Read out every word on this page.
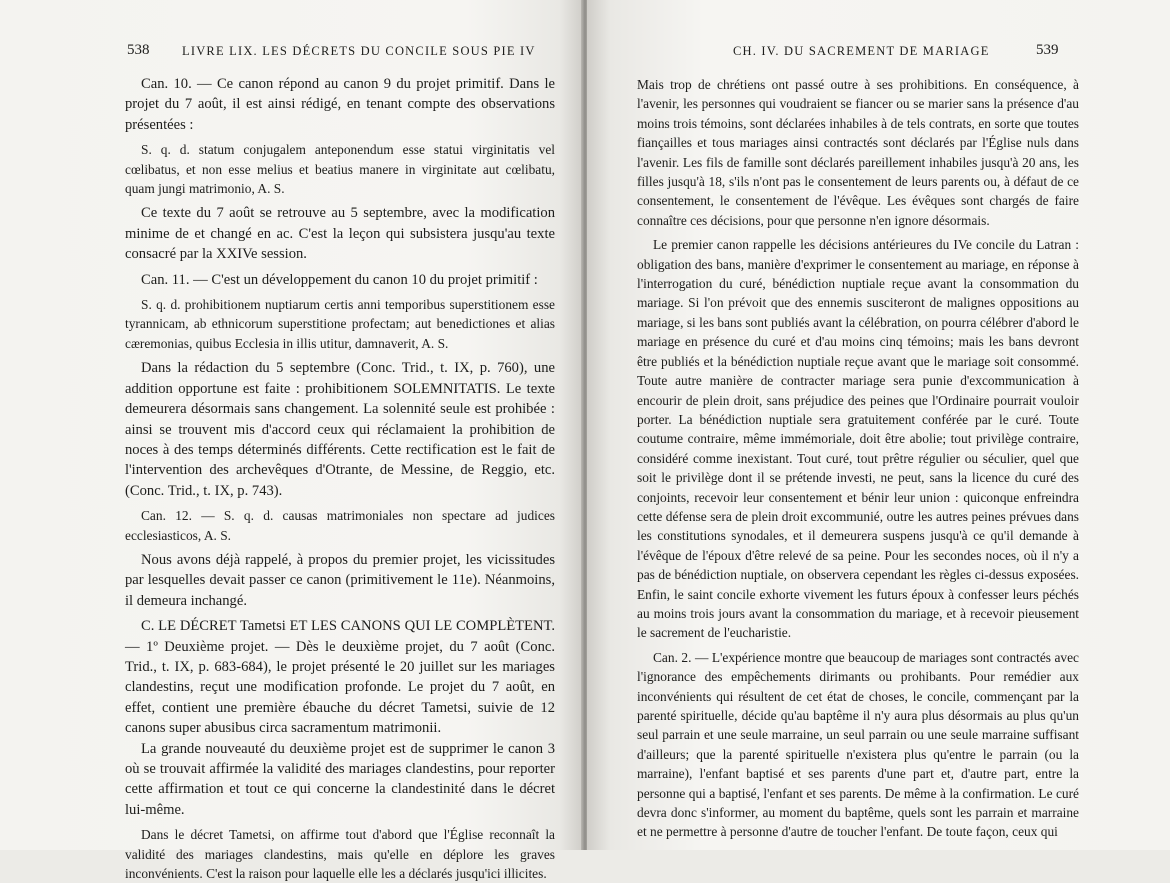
538	LIVRE LIX. LES DÉCRETS DU CONCILE SOUS PIE IV

Can. 10. — Ce canon répond au canon 9 du projet primitif. Dans le projet du 7 août, il est ainsi rédigé, en tenant compte des observations présentées :

S. q. d. statum conjugalem anteponendum esse statui virginitatis vel cœlibatus, et non esse melius et beatius manere in virginitate aut cœlibatu, quam jungi matrimonio, A. S.

Ce texte du 7 août se retrouve au 5 septembre, avec la modification minime de et changé en ac. C'est la leçon qui subsistera jusqu'au texte consacré par la XXIVe session.

Can. 11. — C'est un développement du canon 10 du projet primitif :

S. q. d. prohibitionem nuptiarum certis anni temporibus superstitionem esse tyrannicam, ab ethnicorum superstitione profectam; aut benedictiones et alias cæremonias, quibus Ecclesia in illis utitur, damnaverit, A. S.

Dans la rédaction du 5 septembre (Conc. Trid., t. IX, p. 760), une addition opportune est faite : prohibitionem SOLEMNITATIS. Le texte demeurera désormais sans changement. La solennité seule est prohibée : ainsi se trouvent mis d'accord ceux qui réclamaient la prohibition de noces à des temps déterminés différents. Cette rectification est le fait de l'intervention des archevêques d'Otrante, de Messine, de Reggio, etc. (Conc. Trid., t. IX, p. 743).

Can. 12. — S. q. d. causas matrimoniales non spectare ad judices ecclesiasticos, A. S.

Nous avons déjà rappelé, à propos du premier projet, les vicissitudes par lesquelles devait passer ce canon (primitivement le 11e). Néanmoins, il demeura inchangé.

C. LE DÉCRET Tametsi ET LES CANONS QUI LE COMPLÈTENT. — 1º Deuxième projet. — Dès le deuxième projet, du 7 août (Conc. Trid., t. IX, p. 683-684), le projet présenté le 20 juillet sur les mariages clandestins, reçut une modification profonde. Le projet du 7 août, en effet, contient une première ébauche du décret Tametsi, suivie de 12 canons super abusibus circa sacramentum matrimonii.

La grande nouveauté du deuxième projet est de supprimer le canon 3 où se trouvait affirmée la validité des mariages clandestins, pour reporter cette affirmation et tout ce qui concerne la clandestinité dans le décret lui-même.

Dans le décret Tametsi, on affirme tout d'abord que l'Église reconnaît la validité des mariages clandestins, mais qu'elle en déplore les graves inconvénients. C'est la raison pour laquelle elle les a déclarés jusqu'ici illicites.

CH. IV. DU SACREMENT DE MARIAGE	539

Mais trop de chrétiens ont passé outre à ses prohibitions. En conséquence, à l'avenir, les personnes qui voudraient se fiancer ou se marier sans la présence d'au moins trois témoins, sont déclarées inhabiles à de tels contrats, en sorte que toutes fiançailles et tous mariages ainsi contractés sont déclarés par l'Église nuls dans l'avenir. Les fils de famille sont déclarés pareillement inhabiles jusqu'à 20 ans, les filles jusqu'à 18, s'ils n'ont pas le consentement de leurs parents ou, à défaut de ce consentement, le consentement de l'évêque. Les évêques sont chargés de faire connaître ces décisions, pour que personne n'en ignore désormais.

Le premier canon rappelle les décisions antérieures du IVe concile du Latran : obligation des bans, manière d'exprimer le consentement au mariage, en réponse à l'interrogation du curé, bénédiction nuptiale reçue avant la consommation du mariage. Si l'on prévoit que des ennemis susciteront de malignes oppositions au mariage, si les bans sont publiés avant la célébration, on pourra célébrer d'abord le mariage en présence du curé et d'au moins cinq témoins; mais les bans devront être publiés et la bénédiction nuptiale reçue avant que le mariage soit consommé. Toute autre manière de contracter mariage sera punie d'excommunication à encourir de plein droit, sans préjudice des peines que l'Ordinaire pourrait vouloir porter. La bénédiction nuptiale sera gratuitement conférée par le curé. Toute coutume contraire, même immémoriale, doit être abolie; tout privilège contraire, considéré comme inexistant. Tout curé, tout prêtre régulier ou séculier, quel que soit le privilège dont il se prétende investi, ne peut, sans la licence du curé des conjoints, recevoir leur consentement et bénir leur union : quiconque enfreindra cette défense sera de plein droit excommunié, outre les autres peines prévues dans les constitutions synodales, et il demeurera suspens jusqu'à ce qu'il demande à l'évêque de l'époux d'être relevé de sa peine. Pour les secondes noces, où il n'y a pas de bénédiction nuptiale, on observera cependant les règles ci-dessus exposées. Enfin, le saint concile exhorte vivement les futurs époux à confesser leurs péchés au moins trois jours avant la consommation du mariage, et à recevoir pieusement le sacrement de l'eucharistie.

Can. 2. — L'expérience montre que beaucoup de mariages sont contractés avec l'ignorance des empêchements dirimants ou prohibants. Pour remédier aux inconvénients qui résultent de cet état de choses, le concile, commençant par la parenté spirituelle, décide qu'au baptême il n'y aura plus désormais au plus qu'un seul parrain et une seule marraine, un seul parrain ou une seule marraine suffisant d'ailleurs; que la parenté spirituelle n'existera plus qu'entre le parrain (ou la marraine), l'enfant baptisé et ses parents d'une part et, d'autre part, entre la personne qui a baptisé, l'enfant et ses parents. De même à la confirmation. Le curé devra donc s'informer, au moment du baptême, quels sont les parrain et marraine et ne permettre à personne d'autre de toucher l'enfant. De toute façon, ceux qui
